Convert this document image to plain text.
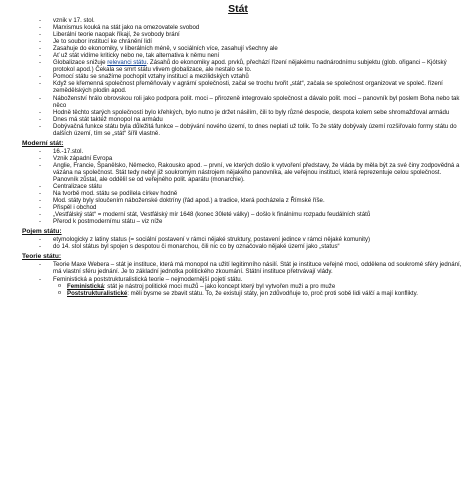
Stát
- vznik v 17. stol.
- Marxismus kouká na stát jako na omezovatele svobod
- Liberální teorie naopak říkají, že svobody brání
- Je to soubor institucí ke chránění lidí
- Zasahuje do ekonomiky, v liberálních méně, v sociálních více, zasahují všechny ale
- Ať už stát vidíme kriticky nebo ne, tak alternativa k němu není
- Globalizace snižuje relevanci státu. Zásahů do ekonomiky apod. prvků, přechází řízení nějakému nadnárodnímu subjektu (glob. ořiganci – Kjótský protokol apod.) Čekala se smrt státu vlivem globalizace, ale nestalo se to.
- Pomocí státu se snažíme pochopit vztahy institucí a mezilidských vztahů
- Když se křemenná společnost přeměňovaly v agrární společnosti, začal se trochu tvořit „stát“, začala se společnost organizovat ve společ. řízení zemědělských plodin apod.
- Náboženství hrálo obrovskou roli jako podpora polit. moci – přirozeně integrovalo společnost a dávalo polit. moci – panovník byl poslem Boha nebo tak něco
- Hodně těchto starých společností bylo křehkých, bylo nutno je držet násilím, čili to byly různé despocie, despota kolem sebe shromažďoval armádu
- Dnes má stát taktéž monopol na armádu
- Dobývačná funkce státu byla důležitá funkce – dobývání nového území, to dnes neplatí už tolik. To že státy dobývaly území rozšiřovalo formy státu do dalších území, tím se „stát“ šířil vlastně.
Moderní stát:
- 16.-17.stol.
- Vznik západní Evropa
- Anglie, Francie, Španělsko, Německo, Rakousko apod. – první, ve kterých došlo k vytvoření představy, že vláda by měla být za své činy zodpovědná a vázána na společnost. Stát tedy nebyl již soukromým nástrojem nějakého panovníka, ale veřejnou institucí, která reprezentuje celou společnost. Panovník zůstal, ale oddělil se od veřejného polit. aparátu (monarchie).
- Centralizace státu
- Na tvorbě mod. státu se podílela církev hodně
- Mod. státy byly sloučením náboženské doktríny (řád apod.) a tradice, která pocházela z Římské říše.
- Přispěl i obchod
- „Vestfálský stát“ = moderní stát, Vestfálský mír 1648 (konec 30leté války) – došlo k finálnímu rozpadu feudálních států
- Přerod k postmodernímu státu – viz níže
Pojem státu:
- etymologicky z latiny status (= sociální postavení v rámci nějaké struktury, postavení jedince v rámci nějaké komunity)
- do 14. stol státus byl spojen s despotou či monarchou, čili nic co by označovalo nějaké území jako „status“
Teorie státu:
- Teorie Maxe Webera – stát je instituce, která má monopol na užití legitimního násilí. Stát je instituce veřejné moci, oddělena od soukromé sféry jednání, má vlastní sféru jednání. Je to základní jednotka politického zkoumání. Státní instituce přetrvávají vlády.
- Feministická a poststrukturalistická teorie – nejmodernější pojetí státu.
o Feministická: stát je nástroj politické moci mužů – jako koncept který byl vytvořen muži a pro muže
o Poststrukturalistické: měli bysme se zbavit státu. To, že existují státy, jen zdůvodňuje to, proč proti sobě lidi válčí a mají konflikty.
